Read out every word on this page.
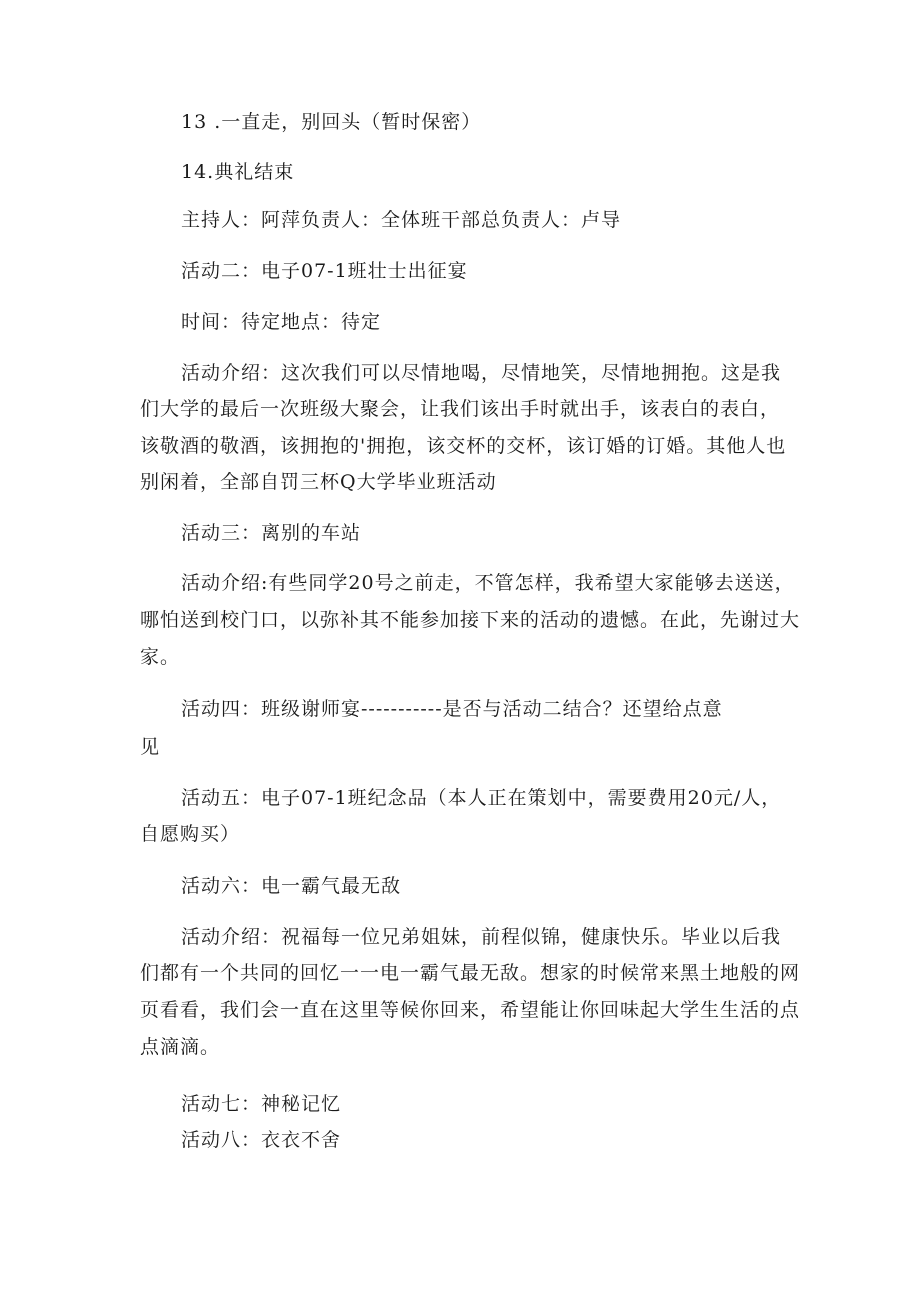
13 .一直走，别回头（暂时保密）
14.典礼结束
主持人：阿萍负责人：全体班干部总负责人：卢导
活动二：电子07-1班壮士出征宴
时间：待定地点：待定
活动介绍：这次我们可以尽情地喝，尽情地笑，尽情地拥抱。这是我
们大学的最后一次班级大聚会，让我们该出手时就出手，该表白的表白，
该敬酒的敬酒，该拥抱的'拥抱，该交杯的交杯，该订婚的订婚。其他人也
别闲着，全部自罚三杯Q大学毕业班活动
活动三：离别的车站
活动介绍:有些同学20号之前走，不管怎样，我希望大家能够去送送，
哪怕送到校门口，以弥补其不能参加接下来的活动的遗憾。在此，先谢过大
家。
活动四：班级谢师宴-----------是否与活动二结合？还望给点意
见
活动五：电子07-1班纪念品（本人正在策划中，需要费用20元/人，
自愿购买）
活动六：电一霸气最无敌
活动介绍：祝福每一位兄弟姐妹，前程似锦，健康快乐。毕业以后我
们都有一个共同的回忆一一电一霸气最无敌。想家的时候常来黑土地般的网
页看看，我们会一直在这里等候你回来，希望能让你回味起大学生生活的点
点滴滴。
活动七：神秘记忆
活动八：衣衣不舍
